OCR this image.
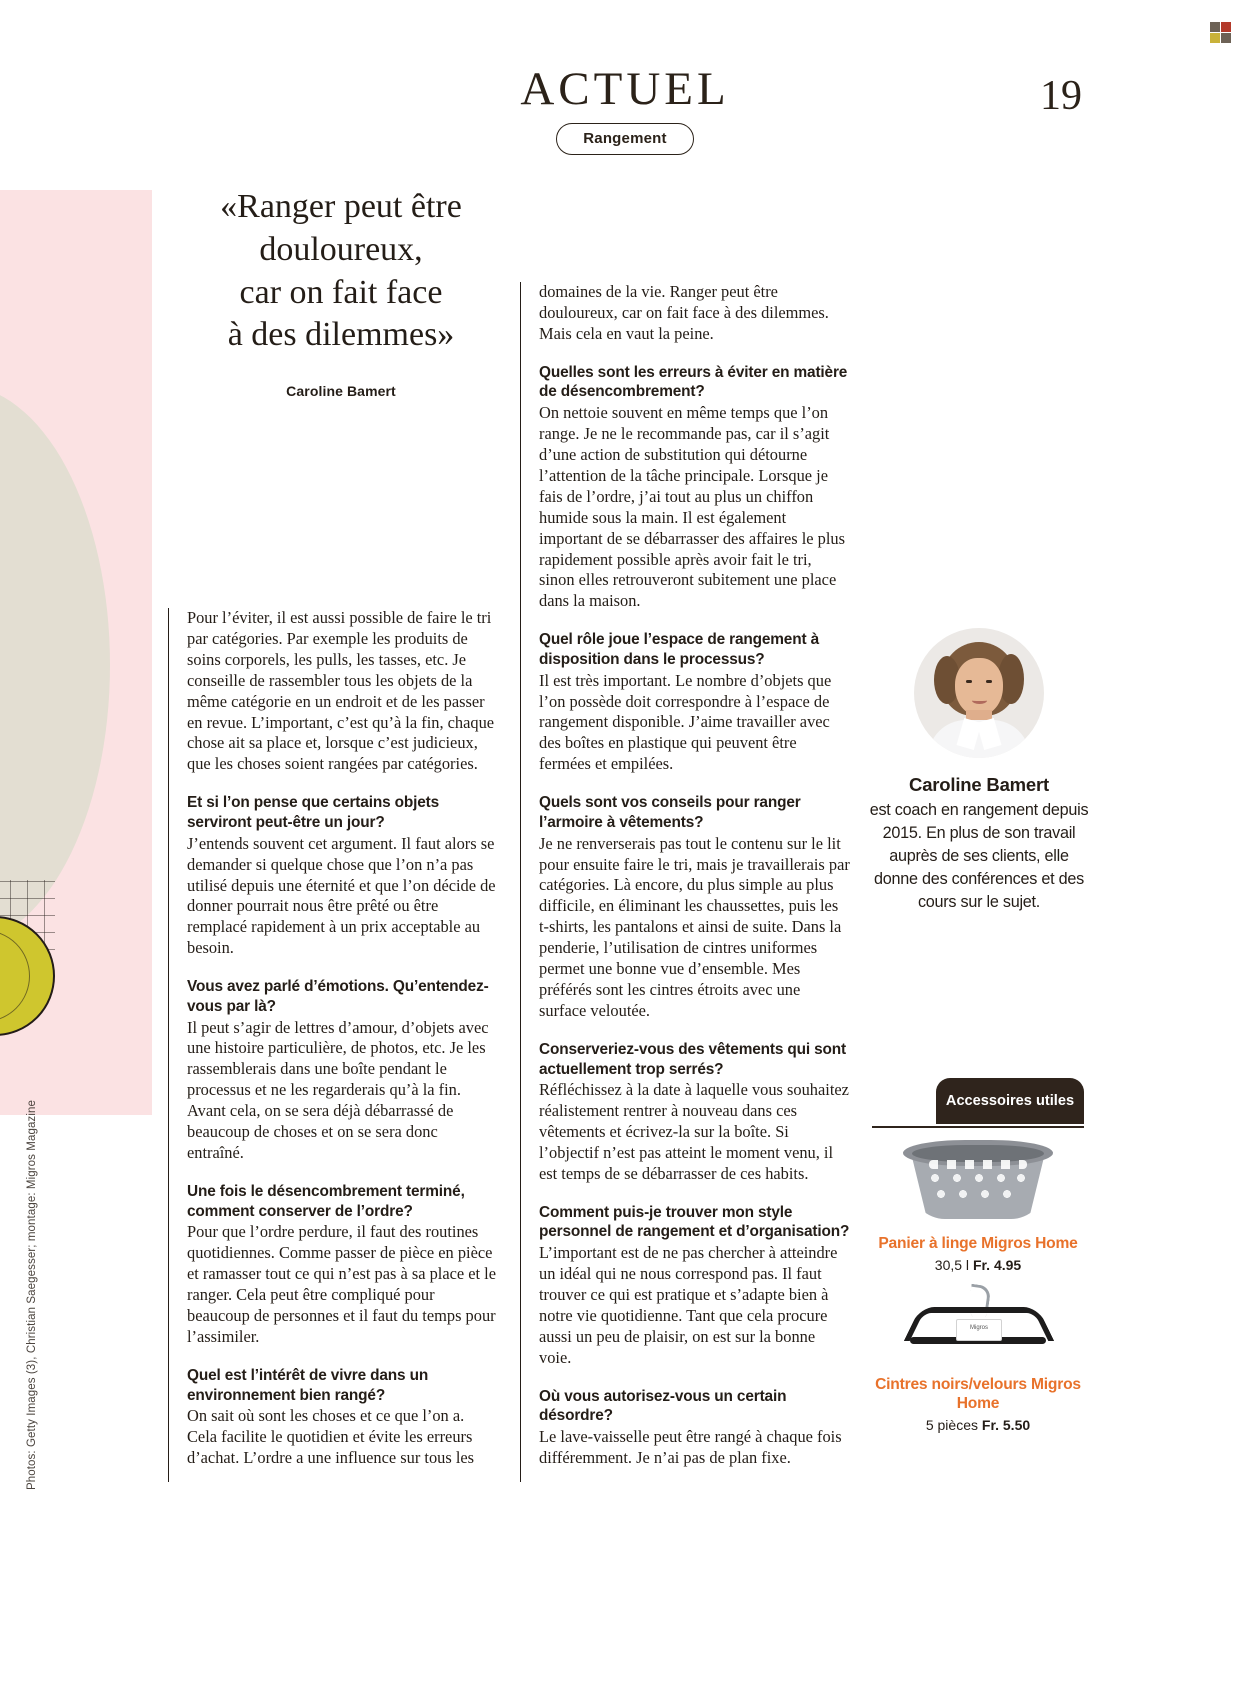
ACTUEL
Rangement
19
«Ranger peut être
douloureux,
car on fait face
à des dilemmes»
Caroline Bamert

Pour l’éviter, il est aussi possible de faire le tri par catégories. Par exemple les produits de soins corporels, les pulls, les tasses, etc. Je conseille de rassembler tous les objets de la même catégorie en un endroit et de les passer en revue. L’important, c’est qu’à la fin, chaque chose ait sa place et, lorsque c’est judicieux, que les choses soient rangées par catégories.

Et si l’on pense que certains objets serviront peut-être un jour?

J’entends souvent cet argument. Il faut alors se demander si quelque chose que l’on n’a pas utilisé depuis une éternité et que l’on décide de donner pourrait nous être prêté ou être remplacé rapidement à un prix acceptable au besoin.

Vous avez parlé d’émotions. Qu’entendez-vous par là?

Il peut s’agir de lettres d’amour, d’objets avec une histoire particulière, de photos, etc. Je les rassemblerais dans une boîte pendant le processus et ne les regarderais qu’à la fin. Avant cela, on se sera déjà débarrassé de beaucoup de choses et on se sera donc entraîné.

Une fois le désencombrement terminé, comment conserver de l’ordre?

Pour que l’ordre perdure, il faut des routines quotidiennes. Comme passer de pièce en pièce et ramasser tout ce qui n’est pas à sa place et le ranger. Cela peut être compliqué pour beaucoup de personnes et il faut du temps pour l’assimiler.

Quel est l’intérêt de vivre dans un environnement bien rangé?

On sait où sont les choses et ce que l’on a. Cela facilite le quotidien et évite les erreurs d’achat. L’ordre a une influence sur tous les

domaines de la vie. Ranger peut être douloureux, car on fait face à des dilemmes. Mais cela en vaut la peine.

Quelles sont les erreurs à éviter en matière de désencombrement?

On nettoie souvent en même temps que l’on range. Je ne le recommande pas, car il s’agit d’une action de substitution qui détourne l’attention de la tâche principale. Lorsque je fais de l’ordre, j’ai tout au plus un chiffon humide sous la main. Il est également important de se débarrasser des affaires le plus rapidement possible après avoir fait le tri, sinon elles retrouveront subitement une place dans la maison.

Quel rôle joue l’espace de rangement à disposition dans le processus?

Il est très important. Le nombre d’objets que l’on possède doit correspondre à l’espace de rangement disponible. J’aime travailler avec des boîtes en plastique qui peuvent être fermées et empilées.

Quels sont vos conseils pour ranger l’armoire à vêtements?

Je ne renverserais pas tout le contenu sur le lit pour ensuite faire le tri, mais je travaillerais par catégories. Là encore, du plus simple au plus difficile, en éliminant les chaussettes, puis les t-shirts, les pantalons et ainsi de suite. Dans la penderie, l’utilisation de cintres uniformes permet une bonne vue d’ensemble. Mes préférés sont les cintres étroits avec une surface veloutée.

Conserveriez-vous des vêtements qui sont actuellement trop serrés?

Réfléchissez à la date à laquelle vous souhaitez réalistement rentrer à nouveau dans ces vêtements et écrivez-la sur la boîte. Si l’objectif n’est pas atteint le moment venu, il est temps de se débarrasser de ces habits.

Comment puis-je trouver mon style personnel de rangement et d’organisation?

L’important est de ne pas chercher à atteindre un idéal qui ne nous correspond pas. Il faut trouver ce qui est pratique et s’adapte bien à notre vie quotidienne. Tant que cela procure aussi un peu de plaisir, on est sur la bonne voie.

Où vous autorisez-vous un certain désordre?

Le lave-vaisselle peut être rangé à chaque fois différemment. Je n’ai pas de plan fixe.

Caroline Bamert
est coach en rangement depuis 2015. En plus de son travail auprès de ses clients, elle donne des conférences et des cours sur le sujet.
Accessoires utiles
Panier à linge Migros Home
30,5 l Fr. 4.95
Migros
Cintres noirs/velours Migros Home
5 pièces Fr. 5.50
Photos: Getty Images (3), Christian Saegesser; montage: Migros Magazine
